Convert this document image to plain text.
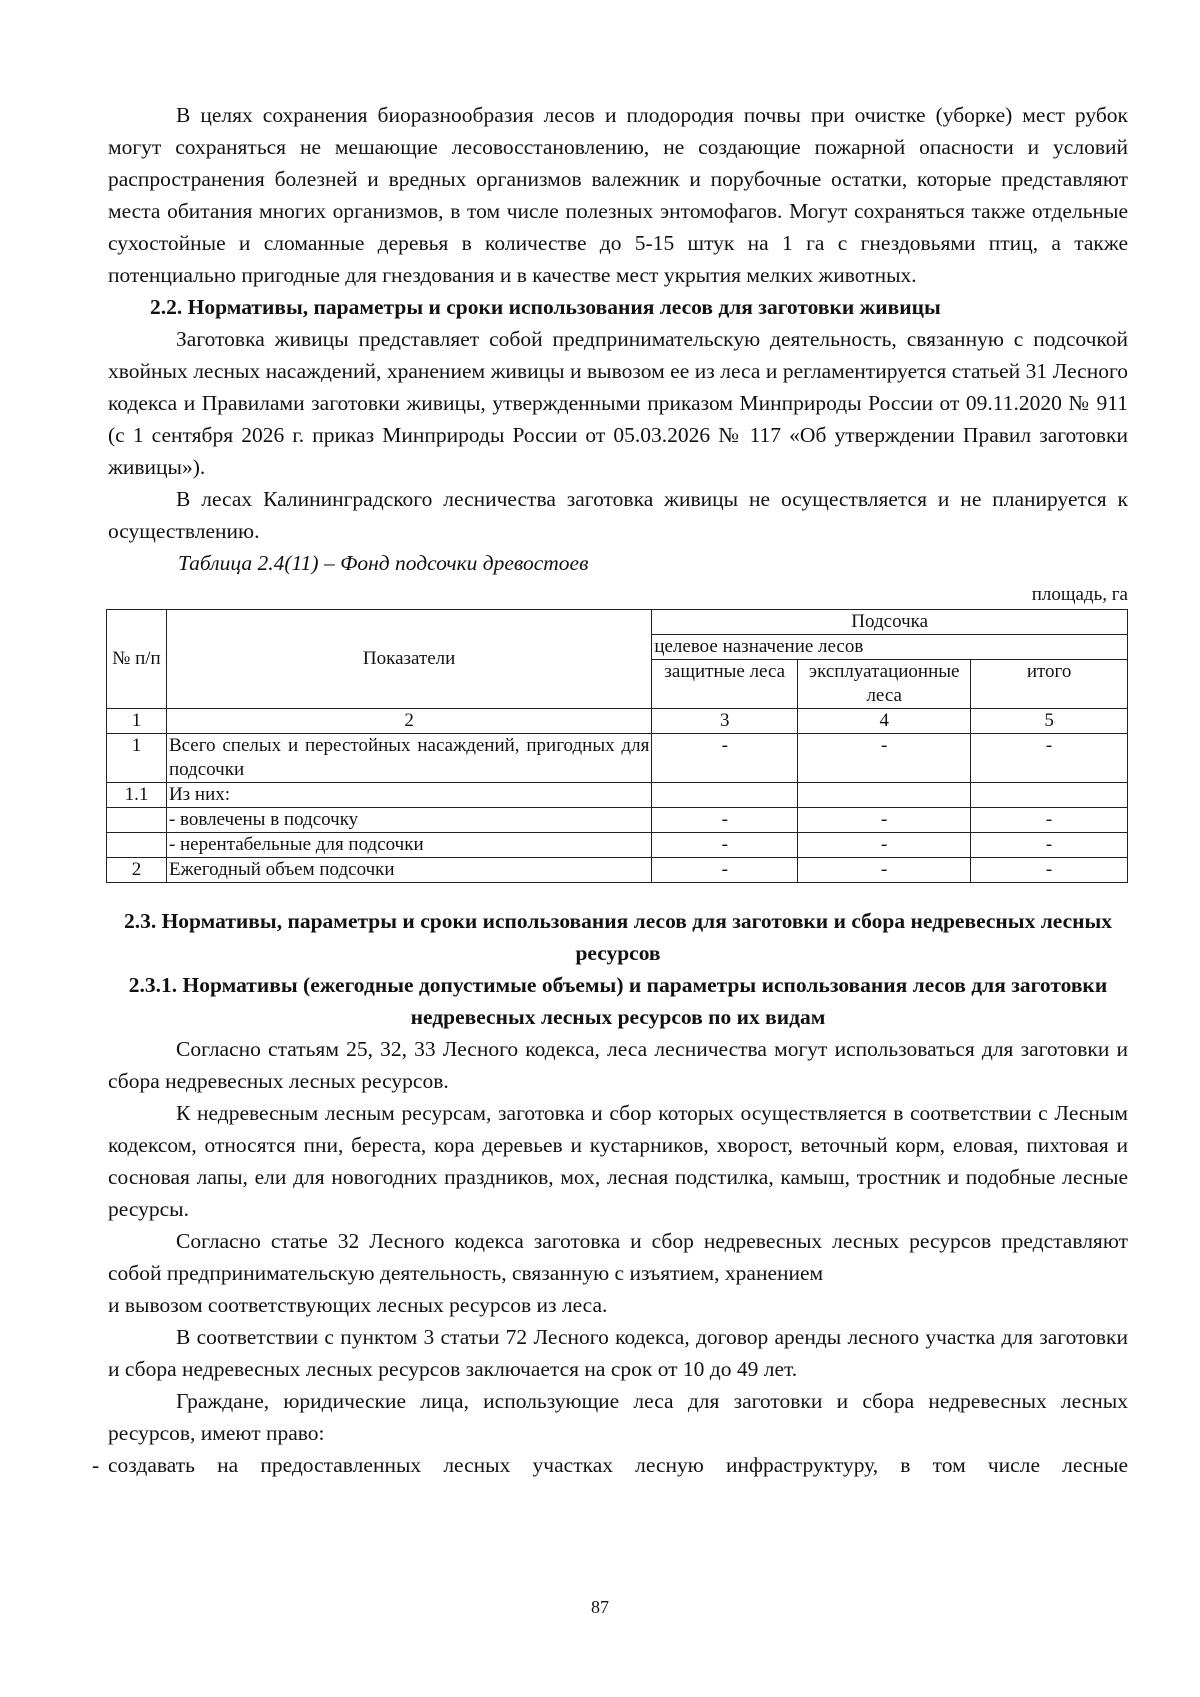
В целях сохранения биоразнообразия лесов и плодородия почвы при очистке (уборке) мест рубок могут сохраняться не мешающие лесовосстановлению, не создающие пожарной опасности и условий распространения болезней и вредных организмов валежник и порубочные остатки, которые представляют места обитания многих организмов, в том числе полезных энтомофагов. Могут сохраняться также отдельные сухостойные и сломанные деревья в количестве до 5-15 штук на 1 га с гнездовьями птиц, а также потенциально пригодные для гнездования и в качестве мест укрытия мелких животных.

2.2. Нормативы, параметры и сроки использования лесов для заготовки живицы

Заготовка живицы представляет собой предпринимательскую деятельность, связанную с подсочкой хвойных лесных насаждений, хранением живицы и вывозом ее из леса и регламентируется статьей 31 Лесного кодекса и Правилами заготовки живицы, утвержденными приказом Минприроды России от 09.11.2020 № 911 (с 1 сентября 2026 г. приказ Минприроды России от 05.03.2026 № 117 «Об утверждении Правил заготовки живицы»).

В лесах Калининградского лесничества заготовка живицы не осуществляется и не планируется к осуществлению.

Таблица 2.4(11) – Фонд подсочки древостоев
площадь, га
№ п/п	Показатели	Подсочка		
		целевое назначение лесов		
		защитные леса	эксплуатационные леса	итого
1	2	3	4	5
1	Всего спелых и перестойных насаждений, пригодных для подсочки	-	-	-
1.1	Из них:			
	- вовлечены в подсочку	-	-	-
	- нерентабельные для подсочки	-	-	-
2	Ежегодный объем подсочки	-	-	-
2.3. Нормативы, параметры и сроки использования лесов для заготовки и сбора недревесных лесных ресурсов
2.3.1. Нормативы (ежегодные допустимые объемы) и параметры использования лесов для заготовки недревесных лесных ресурсов по их видам

Согласно статьям 25, 32, 33 Лесного кодекса, леса лесничества могут использоваться для заготовки и сбора недревесных лесных ресурсов.

К недревесным лесным ресурсам, заготовка и сбор которых осуществляется в соответствии с Лесным кодексом, относятся пни, береста, кора деревьев и кустарников, хворост, веточный корм, еловая, пихтовая и сосновая лапы, ели для новогодних праздников, мох, лесная подстилка, камыш, тростник и подобные лесные ресурсы.

Согласно статье 32 Лесного кодекса заготовка и сбор недревесных лесных ресурсов представляют собой предпринимательскую деятельность, связанную с изъятием, хранением

и вывозом соответствующих лесных ресурсов из леса.

В соответствии с пунктом 3 статьи 72 Лесного кодекса, договор аренды лесного участка для заготовки и сбора недревесных лесных ресурсов заключается на срок от 10 до 49 лет.

Граждане, юридические лица, использующие леса для заготовки и сбора недревесных лесных ресурсов, имеют право:

- создавать на предоставленных лесных участках лесную инфраструктуру, в том числе лесные

87
